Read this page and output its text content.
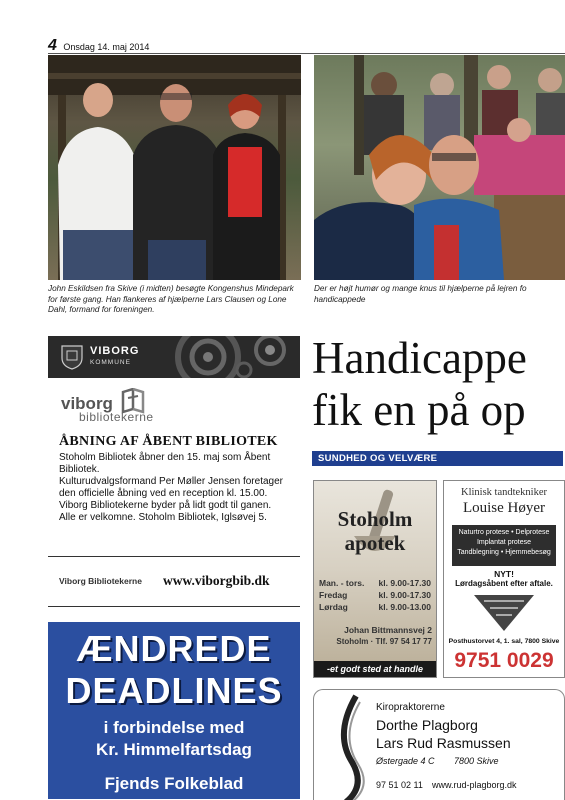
4 Onsdag 14. maj 2014
John Eskildsen fra Skive (i midten) besøgte Kongenshus Mindepark for første gang. Han flankeres af hjælperne Lars Clausen og Lone Dahl, formand for foreningen.
Der er højt humør og mange knus til hjælperne på lejren fo handicappede
VIBORG
KOMMUNE
viborg
bibliotekerne
ÅBNING AF ÅBENT BIBLIOTEK
Stoholm Bibliotek åbner den 15. maj som Åbent Bibliotek.
Kulturudvalgsformand Per Møller Jensen foretager den officielle åbning ved en reception kl. 15.00. Viborg Bibliotekerne byder på lidt godt til ganen.
Alle er velkomne. Stoholm Bibliotek, Iglsøvej 5.
Viborg Bibliotekerne www.viborgbib.dk
ÆNDREDE
DEADLINES
i forbindelse med
Kr. Himmelfartsdag
Fjends Folkeblad
Handicappe
fik en på op
SUNDHED OG VELVÆRE
Stoholm
apotek
Man. - tors. kl. 9.00-17.30
Fredag	kl. 9.00-17.30
Lørdag	kl. 9.00-13.00
Johan Bittmannsvej 2
Stoholm · Tlf. 97 54 17 77
-et godt sted at handle
Klinisk tandtekniker
Louise Høyer
Naturtro protese • Delprotese
Implantat protese
Tandblegning • Hjemmebesøg
NYT!
Lørdagsåbent efter aftale.
Posthustorvet 4, 1. sal, 7800 Skive
9751 0029
Kiropraktorerne
Dorthe Plagborg
Lars Rud Rasmussen
Østergade 4 C 7800 Skive
97 51 02 11 www.rud-plagborg.dk
